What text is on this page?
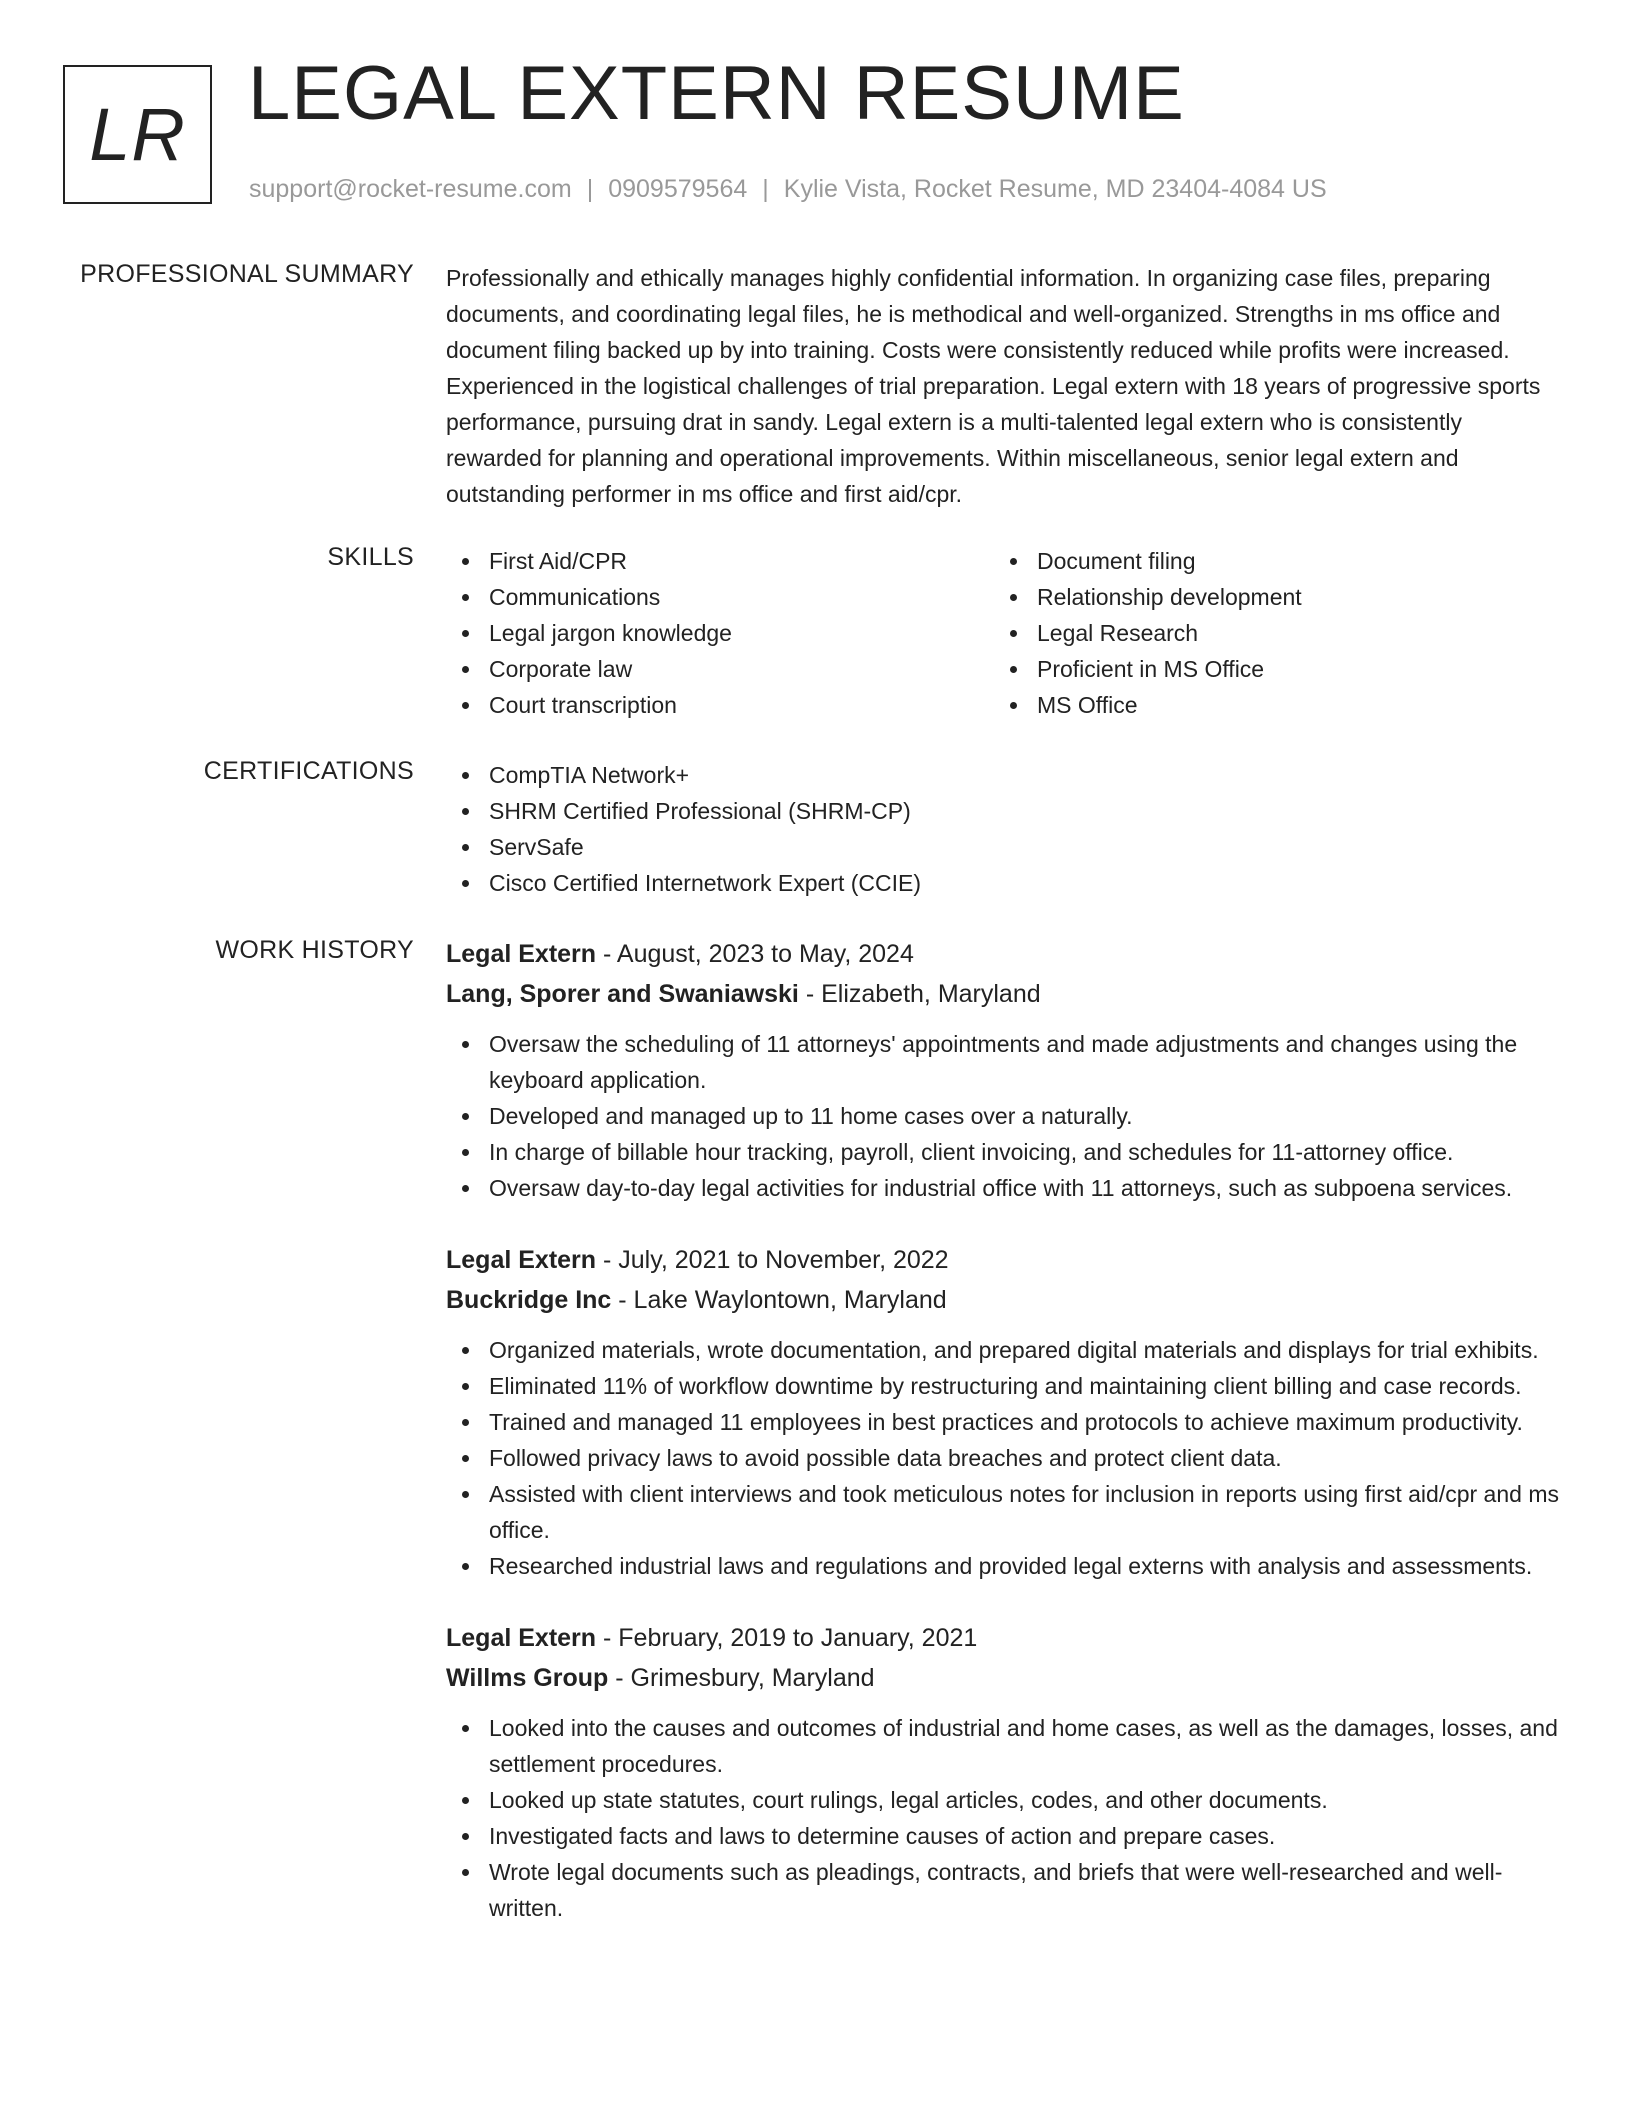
LR LEGAL EXTERN RESUME
support@rocket-resume.com | 0909579564 | Kylie Vista, Rocket Resume, MD 23404-4084 US
PROFESSIONAL SUMMARY Professionally and ethically manages highly confidential information. In organizing case files, preparing documents, and coordinating legal files, he is methodical and well-organized. Strengths in ms office and document filing backed up by into training. Costs were consistently reduced while profits were increased. Experienced in the logistical challenges of trial preparation. Legal extern with 18 years of progressive sports performance, pursuing drat in sandy. Legal extern is a multi-talented legal extern who is consistently rewarded for planning and operational improvements. Within miscellaneous, senior legal extern and outstanding performer in ms office and first aid/cpr.

SKILLS	First Aid/CPR
Communications
Legal jargon knowledge
Corporate law
Court transcription
Document filing
Relationship development
Legal Research
Proficient in MS Office
MS Office
CERTIFICATIONS	CompTIA Network+
SHRM Certified Professional (SHRM-CP)
ServSafe
Cisco Certified Internetwork Expert (CCIE)
WORK HISTORY Legal Extern - August, 2023 to May, 2024
Lang, Sporer and Swaniawski - Elizabeth, Maryland
Oversaw the scheduling of 11 attorneys' appointments and made adjustments and changes using the keyboard application.
Developed and managed up to 11 home cases over a naturally.
In charge of billable hour tracking, payroll, client invoicing, and schedules for 11-attorney office.
Oversaw day-to-day legal activities for industrial office with 11 attorneys, such as subpoena services.
Legal Extern - July, 2021 to November, 2022
Buckridge Inc - Lake Waylontown, Maryland
Organized materials, wrote documentation, and prepared digital materials and displays for trial exhibits.
Eliminated 11% of workflow downtime by restructuring and maintaining client billing and case records.
Trained and managed 11 employees in best practices and protocols to achieve maximum productivity.
Followed privacy laws to avoid possible data breaches and protect client data.
Assisted with client interviews and took meticulous notes for inclusion in reports using first aid/cpr and ms office.
Researched industrial laws and regulations and provided legal externs with analysis and assessments.
Legal Extern - February, 2019 to January, 2021
Willms Group - Grimesbury, Maryland
Looked into the causes and outcomes of industrial and home cases, as well as the damages, losses, and settlement procedures.
Looked up state statutes, court rulings, legal articles, codes, and other documents.
Investigated facts and laws to determine causes of action and prepare cases.
Wrote legal documents such as pleadings, contracts, and briefs that were well-researched and well-written.
